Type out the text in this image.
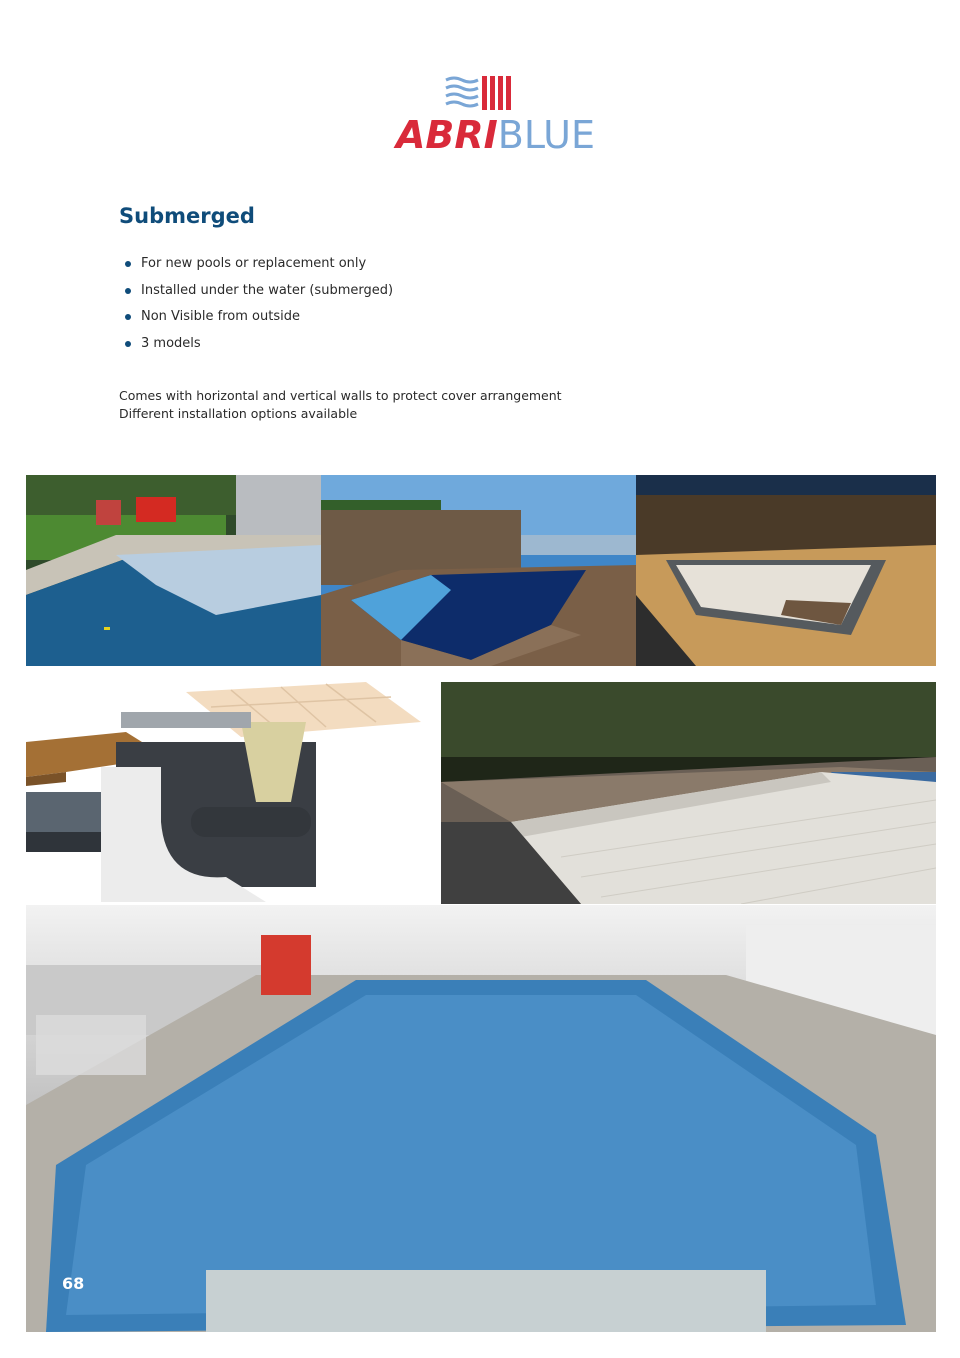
ABRIBLUE
Submerged
For new pools or replacement only
Installed under the water (submerged)
Non Visible from outside
3 models
Comes with horizontal and vertical walls to protect cover arrangement
Different installation options available
68
